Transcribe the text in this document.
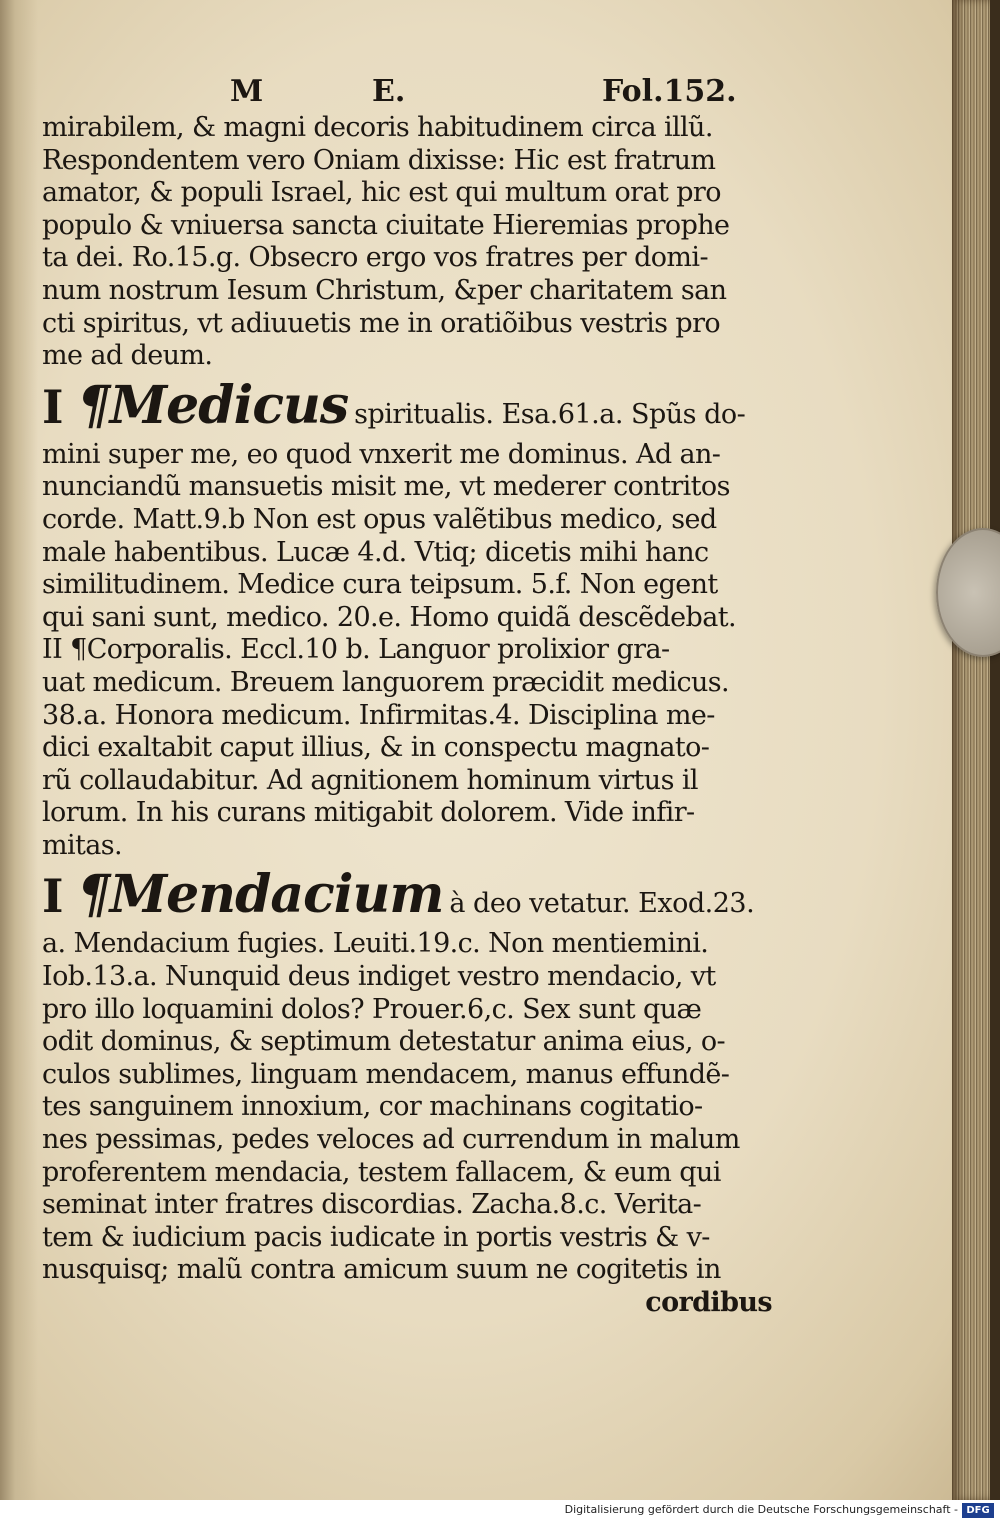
M	E.	Fol.152.
mirabilem, & magni decoris habitudinem circa illũ.
Respondentem vero Oniam dixisse: Hic est fratrum
amator, & populi Israel, hic est qui multum orat pro
populo & vniuersa sancta ciuitate Hieremias prophe
ta dei. Ro.15.g. Obsecro ergo vos fratres per domi-
num nostrum Iesum Christum, &per charitatem san
cti spiritus, vt adiuuetis me in oratiõibus vestris pro
me ad deum.
I ¶Medicus spiritualis. Esa.61.a. Spũs do-
mini super me, eo quod vnxerit me dominus. Ad an-
nunciandũ mansuetis misit me, vt mederer contritos
corde. Matt.9.b Non est opus valẽtibus medico, sed
male habentibus. Lucæ 4.d. Vtiq; dicetis mihi hanc
similitudinem. Medice cura teipsum. 5.f. Non egent
qui sani sunt, medico. 20.e. Homo quidã descẽdebat.
II ¶Corporalis. Eccl.10 b. Languor prolixior gra-
uat medicum. Breuem languorem præcidit medicus.
38.a. Honora medicum. Infirmitas.4. Disciplina me-
dici exaltabit caput illius, & in conspectu magnato-
rũ collaudabitur. Ad agnitionem hominum virtus il
lorum. In his curans mitigabit dolorem. Vide infir-
mitas.
I ¶Mendacium à deo vetatur. Exod.23.
a. Mendacium fugies. Leuiti.19.c. Non mentiemini.
Iob.13.a. Nunquid deus indiget vestro mendacio, vt
pro illo loquamini dolos? Prouer.6,c. Sex sunt quæ
odit dominus, & septimum detestatur anima eius, o-
culos sublimes, linguam mendacem, manus effundẽ-
tes sanguinem innoxium, cor machinans cogitatio-
nes pessimas, pedes veloces ad currendum in malum
proferentem mendacia, testem fallacem, & eum qui
seminat inter fratres discordias. Zacha.8.c. Verita-
tem & iudicium pacis iudicate in portis vestris & v-
nusquisq; malũ contra amicum suum ne cogitetis in
cordibus
Digitalisierung gefördert durch die Deutsche Forschungsgemeinschaft - DFG
